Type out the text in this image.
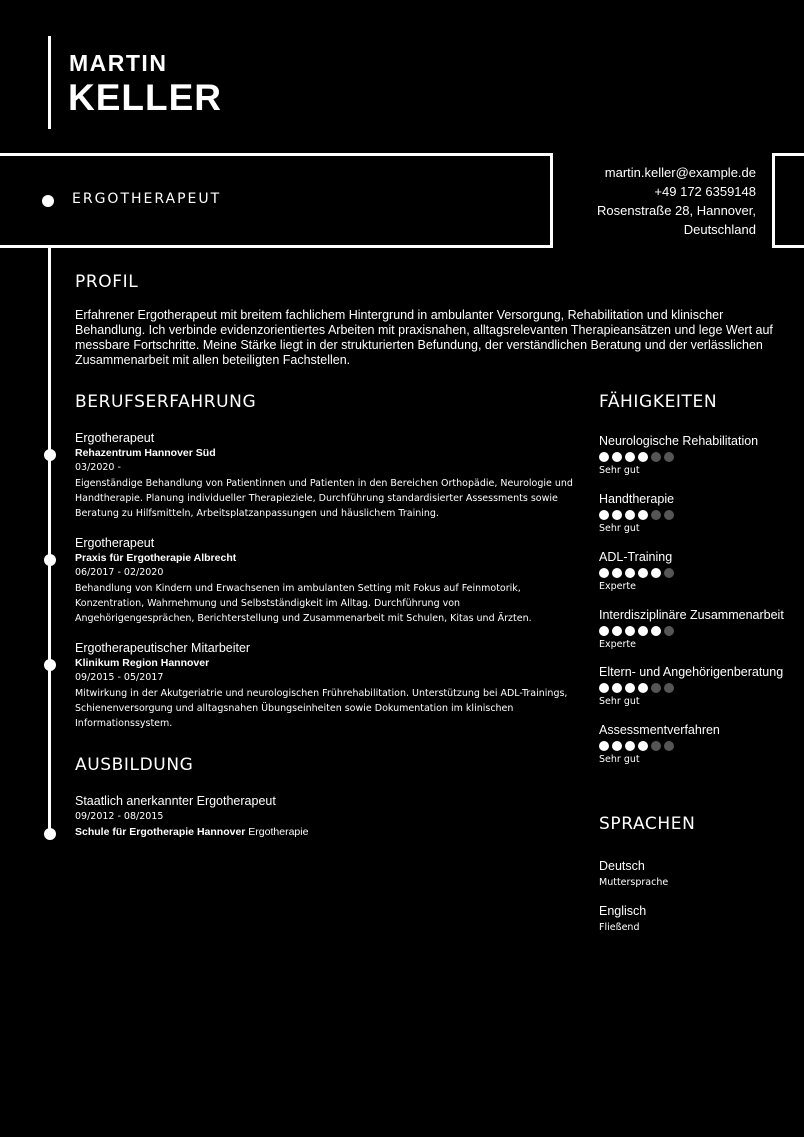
MARTIN
KELLER
ERGOTHERAPEUT
martin.keller@example.de
+49 172 6359148
Rosenstraße 28, Hannover,
Deutschland
PROFIL
Erfahrener Ergotherapeut mit breitem fachlichem Hintergrund in ambulanter Versorgung, Rehabilitation und klinischer Behandlung. Ich verbinde evidenzorientiertes Arbeiten mit praxisnahen, alltagsrelevanten Therapieansätzen und lege Wert auf messbare Fortschritte. Meine Stärke liegt in der strukturierten Befundung, der verständlichen Beratung und der verlässlichen Zusammenarbeit mit allen beteiligten Fachstellen.
BERUFSERFAHRUNG
Ergotherapeut
Rehazentrum Hannover Süd
03/2020 -
Eigenständige Behandlung von Patientinnen und Patienten in den Bereichen Orthopädie, Neurologie und Handtherapie. Planung individueller Therapieziele, Durchführung standardisierter Assessments sowie Beratung zu Hilfsmitteln, Arbeitsplatzanpassungen und häuslichem Training.
Ergotherapeut
Praxis für Ergotherapie Albrecht
06/2017 - 02/2020
Behandlung von Kindern und Erwachsenen im ambulanten Setting mit Fokus auf Feinmotorik, Konzentration, Wahrnehmung und Selbstständigkeit im Alltag. Durchführung von Angehörigengesprächen, Berichterstellung und Zusammenarbeit mit Schulen, Kitas und Ärzten.
Ergotherapeutischer Mitarbeiter
Klinikum Region Hannover
09/2015 - 05/2017
Mitwirkung in der Akutgeriatrie und neurologischen Frührehabilitation. Unterstützung bei ADL-Trainings, Schienenversorgung und alltagsnahen Übungseinheiten sowie Dokumentation im klinischen Informationssystem.
AUSBILDUNG
Staatlich anerkannter Ergotherapeut
09/2012 - 08/2015
Schule für Ergotherapie Hannover Ergotherapie
FÄHIGKEITEN
Neurologische Rehabilitation
Sehr gut
Handtherapie
Sehr gut
ADL-Training
Experte
Interdisziplinäre Zusammenarbeit
Experte
Eltern- und Angehörigenberatung
Sehr gut
Assessmentverfahren
Sehr gut
SPRACHEN
Deutsch
Muttersprache
Englisch
Fließend
